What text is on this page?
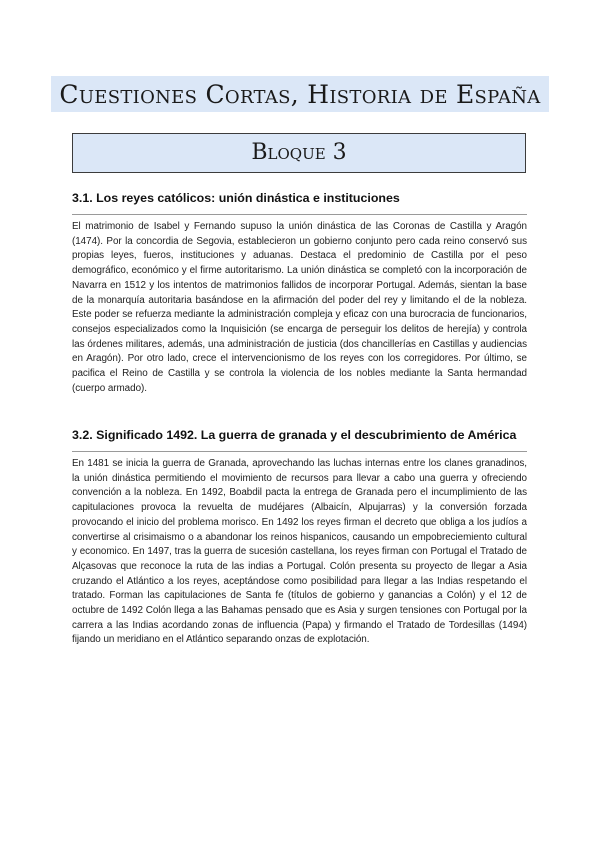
Cuestiones Cortas, Historia de España
Bloque 3
3.1. Los reyes católicos: unión dinástica e instituciones

El matrimonio de Isabel y Fernando supuso la unión dinástica de las Coronas de Castilla y Aragón (1474). Por la concordia de Segovia, establecieron un gobierno conjunto pero cada reino conservó sus propias leyes, fueros, instituciones y aduanas. Destaca el predominio de Castilla por el peso demográfico, económico y el firme autoritarismo. La unión dinástica se completó con la incorporación de Navarra en 1512 y los intentos de matrimonios fallidos de incorporar Portugal. Además, sientan la base de la monarquía autoritaria basándose en la afirmación del poder del rey y limitando el de la nobleza. Este poder se refuerza mediante la administración compleja y eficaz con una burocracia de funcionarios, consejos especializados como la Inquisición (se encarga de perseguir los delitos de herejía) y controla las órdenes militares, además, una administración de justicia (dos chancillerías en Castillas y audiencias en Aragón). Por otro lado, crece el intervencionismo de los reyes con los corregidores. Por último, se pacifica el Reino de Castilla y se controla la violencia de los nobles mediante la Santa hermandad (cuerpo armado).

3.2. Significado 1492. La guerra de granada y el descubrimiento de América

En 1481 se inicia la guerra de Granada, aprovechando las luchas internas entre los clanes granadinos, la unión dinástica permitiendo el movimiento de recursos para llevar a cabo una guerra y ofreciendo convención a la nobleza. En 1492, Boabdil pacta la entrega de Granada pero el incumplimiento de las capitulaciones provoca la revuelta de mudéjares (Albaicín, Alpujarras) y la conversión forzada provocando el inicio del problema morisco. En 1492 los reyes firman el decreto que obliga a los judíos a convertirse al crisimaismo o a abandonar los reinos hispanicos, causando un empobreciemiento cultural y economico. En 1497, tras la guerra de sucesión castellana, los reyes firman con Portugal el Tratado de Alçasovas que reconoce la ruta de las indias a Portugal. Colón presenta su proyecto de llegar a Asia cruzando el Atlántico a los reyes, aceptándose como posibilidad para llegar a las Indias respetando el tratado. Forman las capitulaciones de Santa fe (títulos de gobierno y ganancias a Colón) y el 12 de octubre de 1492 Colón llega a las Bahamas pensado que es Asia y surgen tensiones con Portugal por la carrera a las Indias acordando zonas de influencia (Papa) y firmando el Tratado de Tordesillas (1494) fijando un meridiano en el Atlántico separando onzas de explotación.
